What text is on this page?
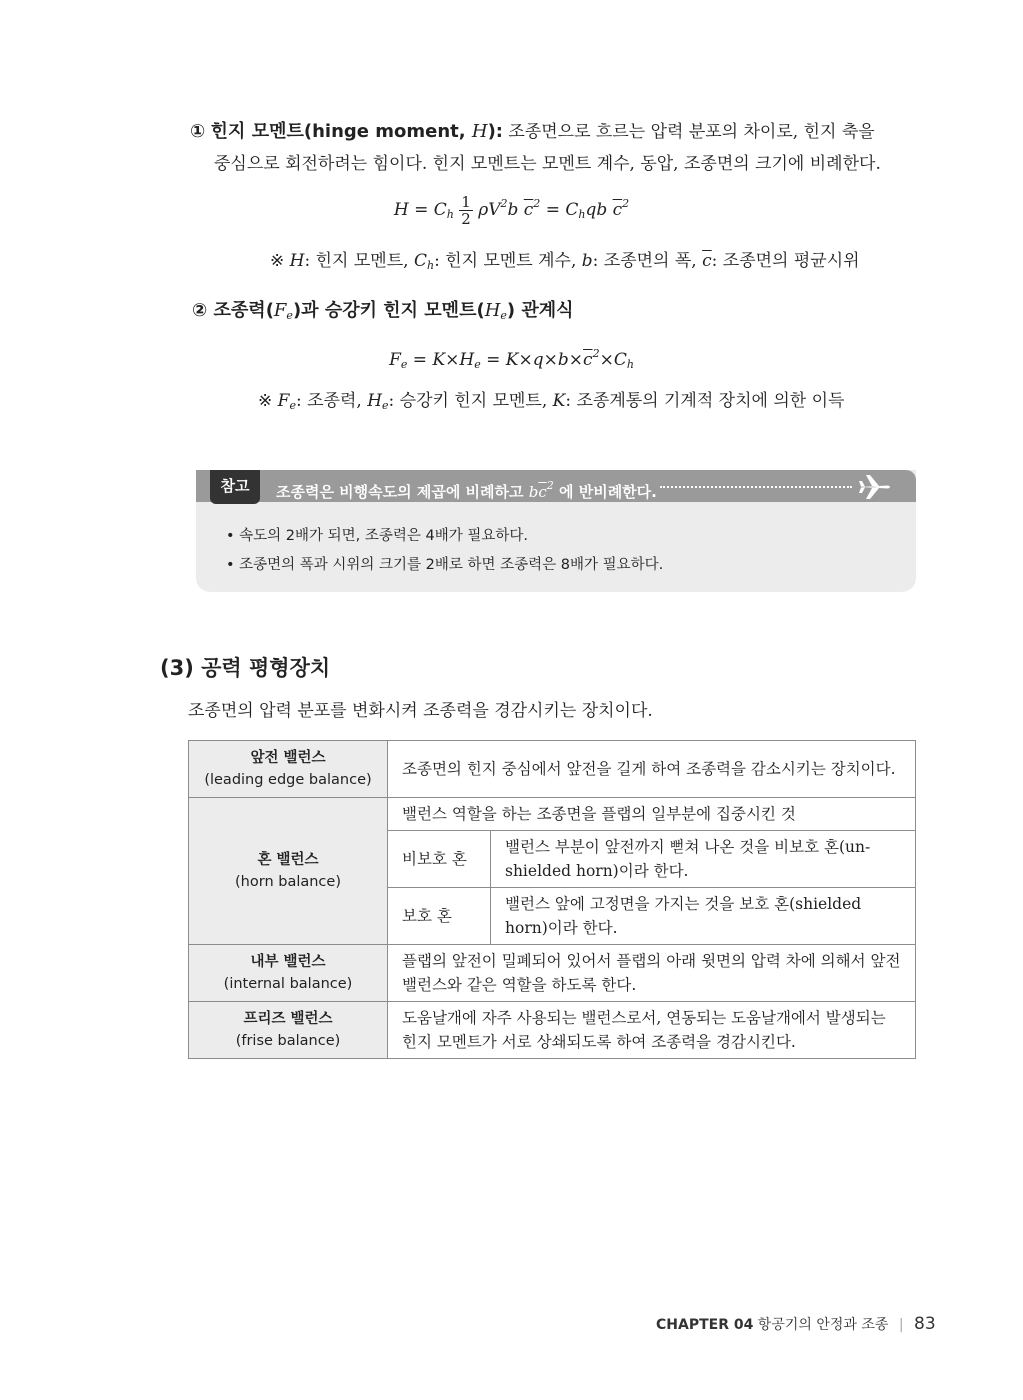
① 힌지 모멘트(hinge moment, H): 조종면으로 흐르는 압력 분포의 차이로, 힌지 축을
중심으로 회전하려는 힘이다. 힌지 모멘트는 모멘트 계수, 동압, 조종면의 크기에 비례한다.
$H = C_h \frac{1}{2} \rho V^2b$ $\overline{c}^2 = C_hqb$ $\overline{c}^2$
※ H: 힌지 모멘트, $C_h$: 힌지 모멘트 계수, b: 조종면의 폭, $\overline{c}$: 조종면의 평균시위
② 조종력$(F_e)$과 승강키 힌지 모멘트$(H_e)$ 관계식
$F_e = K\times H_e = K\times q\times b\times\overline{c}^2\times C_h$
※ $F_e$: 조종력, $H_e$: 승강키 힌지 모멘트, K: 조종계통의 기계적 장치에 의한 이득
참고	조종력은 비행속도의 제곱에 비례하고 $b\overline{c}^2$ 에 반비례한다.
• 속도의 2배가 되면, 조종력은 4배가 필요하다.
• 조종면의 폭과 시위의 크기를 2배로 하면 조종력은 8배가 필요하다.
(3) 공력 평형장치
조종면의 압력 분포를 변화시켜 조종력을 경감시키는 장치이다.
앞전 밸런스
(leading edge balance)	조종면의 힌지 중심에서 앞전을 길게 하여 조종력을 감소시키는 장치이다.	

혼 밸런스
(horn balance)	밸런스 역할을 하는 조종면을 플랩의 일부분에 집중시킨 것	
	비보호 혼	밸런스 부분이 앞전까지 뻗쳐 나온 것을 비보호 혼(un-shielded horn)이라 한다.
	보호 혼	밸런스 앞에 고정면을 가지는 것을 보호 혼(shielded horn)이라 한다.

내부 밸런스
(internal balance)	플랩의 앞전이 밀폐되어 있어서 플랩의 아래 윗면의 압력 차에 의해서 앞전 밸런스와 같은 역할을 하도록 한다.	

프리즈 밸런스
(frise balance)	도움날개에 자주 사용되는 밸런스로서, 연동되는 도움날개에서 발생되는 힌지 모멘트가 서로 상쇄되도록 하여 조종력을 경감시킨다.	
CHAPTER 04 항공기의 안정과 조종 | 83
